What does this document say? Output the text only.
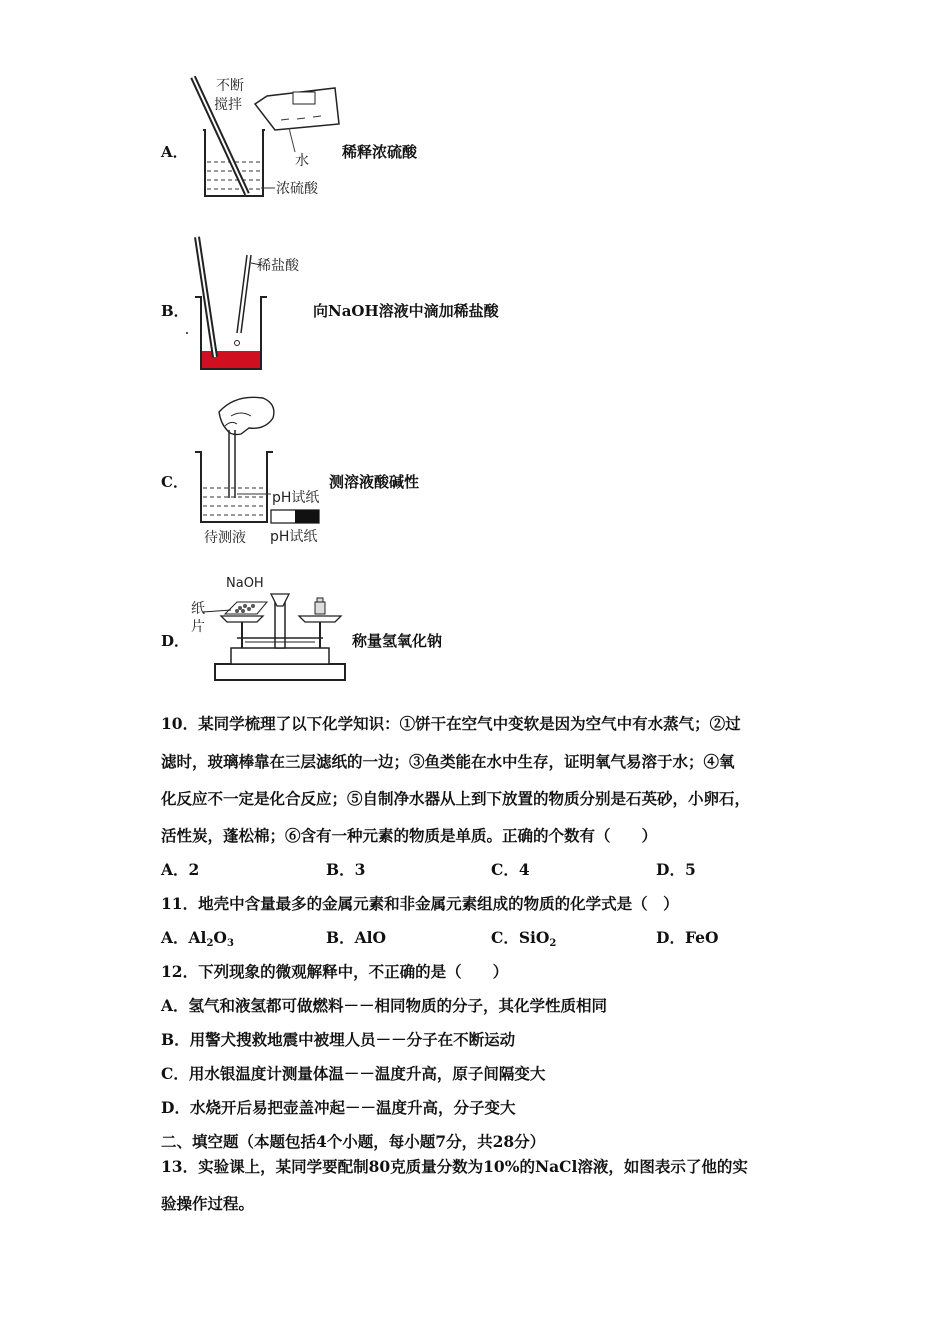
A．
不断
搅拌
水
浓硫酸
稀释浓硫酸
B．
稀盐酸
向NaOH溶液中滴加稀盐酸
C．
pH试纸
待测液 pH试纸
测溶液酸碱性
D．
NaOH
纸
片
称量氢氧化钠
10．某同学梳理了以下化学知识：①饼干在空气中变软是因为空气中有水蒸气；②过
滤时，玻璃棒靠在三层滤纸的一边；③鱼类能在水中生存，证明氧气易溶于水；④氧
化反应不一定是化合反应；⑤自制净水器从上到下放置的物质分别是石英砂，小卵石，
活性炭，蓬松棉；⑥含有一种元素的物质是单质。正确的个数有（　　）
A．2	B．3	C．4	D．5
11．地壳中含量最多的金属元素和非金属元素组成的物质的化学式是（　）
A．$Al_2O_3$	B．AlO	C．SiO$_2$	D．FeO
12．下列现象的微观解释中，不正确的是（　　）
A．氢气和液氢都可做燃料－－相同物质的分子，其化学性质相同
B．用警犬搜救地震中被埋人员－－分子在不断运动
C．用水银温度计测量体温－－温度升高，原子间隔变大
D．水烧开后易把壶盖冲起－－温度升高，分子变大
二、填空题（本题包括4个小题，每小题7分，共28分）
13．实验课上，某同学要配制80克质量分数为10%的NaCl溶液，如图表示了他的实
验操作过程。
